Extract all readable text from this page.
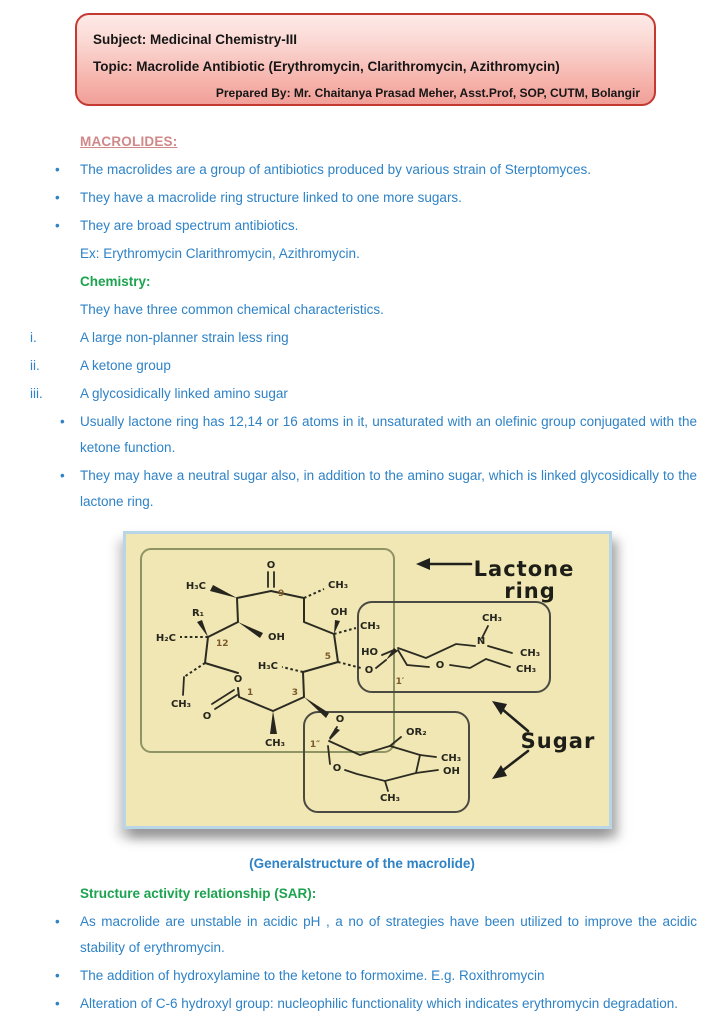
Subject: Medicinal Chemistry-III
Topic: Macrolide Antibiotic (Erythromycin, Clarithromycin, Azithromycin)
Prepared By: Mr. Chaitanya Prasad Meher, Asst.Prof, SOP, CUTM, Bolangir
MACROLIDES:
•	The macrolides are a group of antibiotics produced by various strain of Sterptomyces.
•	They have a macrolide ring structure linked to one more sugars.
•	They are broad spectrum antibiotics.
Ex: Erythromycin Clarithromycin, Azithromycin.
Chemistry:
They have three common chemical characteristics.
i.	A large non-planner strain less ring
ii.	A ketone group
iii.	A glycosidically linked amino sugar
•	Usually lactone ring has 12,14 or 16 atoms in it, unsaturated with an olefinic group conjugated with the ketone function.
•	They may have a neutral sugar also, in addition to the amino sugar, which is linked glycosidically to the lactone ring.
O
9
H₃C	CH₃
R₁
OH
OH
CH₃
H₂C	12
H₃C
5
O
CH₃
1	3
O
CH₃
O
O
1′
1″
HO
CH₃
N
CH₃
O	CH₃
OR₂
CH₃
OH
CH₃
O
Lactone
ring
Sugar
(Generalstructure of the macrolide)
Structure activity relationship (SAR):
•	As macrolide are unstable in acidic pH , a no of strategies have been utilized to improve the acidic stability of erythromycin.
•	The addition of hydroxylamine to the ketone to formoxime. E.g. Roxithromycin
•	Alteration of C-6 hydroxyl group: nucleophilic functionality which indicates erythromycin degradation.
